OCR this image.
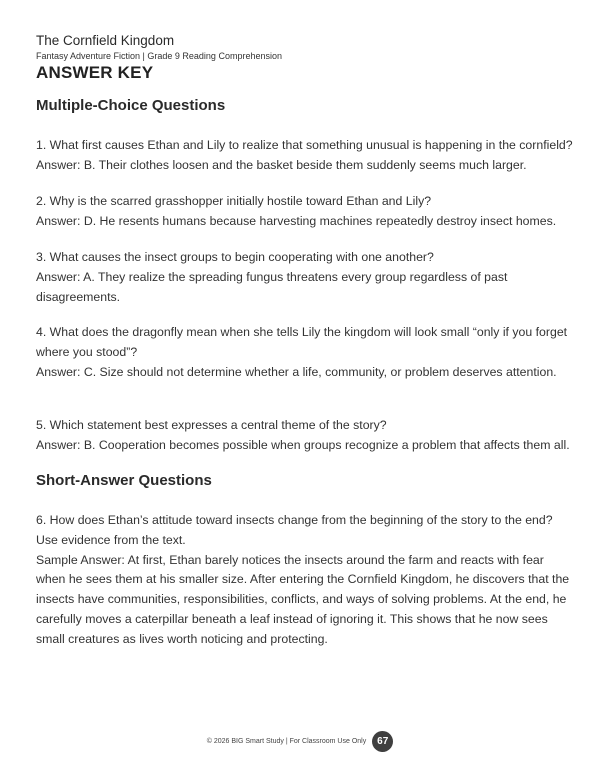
The Cornfield Kingdom
Fantasy Adventure Fiction | Grade 9 Reading Comprehension
ANSWER KEY
Multiple-Choice Questions

1. What first causes Ethan and Lily to realize that something unusual is happening in the cornfield?

Answer: B. Their clothes loosen and the basket beside them suddenly seems much larger.

2. Why is the scarred grasshopper initially hostile toward Ethan and Lily?

Answer: D. He resents humans because harvesting machines repeatedly destroy insect homes.

3. What causes the insect groups to begin cooperating with one another?

Answer: A. They realize the spreading fungus threatens every group regardless of past disagreements.

4. What does the dragonfly mean when she tells Lily the kingdom will look small “only if you forget where you stood”?

Answer: C. Size should not determine whether a life, community, or problem deserves attention.

5. Which statement best expresses a central theme of the story?

Answer: B. Cooperation becomes possible when groups recognize a problem that affects them all.

Short-Answer Questions

6. How does Ethan’s attitude toward insects change from the beginning of the story to the end? Use evidence from the text.

Sample Answer: At first, Ethan barely notices the insects around the farm and reacts with fear when he sees them at his smaller size. After entering the Cornfield Kingdom, he discovers that the insects have communities, responsibilities, conflicts, and ways of solving problems. At the end, he carefully moves a caterpillar beneath a leaf instead of ignoring it. This shows that he now sees small creatures as lives worth noticing and protecting.

© 2026 BIG Smart Study | For Classroom Use Only	67
